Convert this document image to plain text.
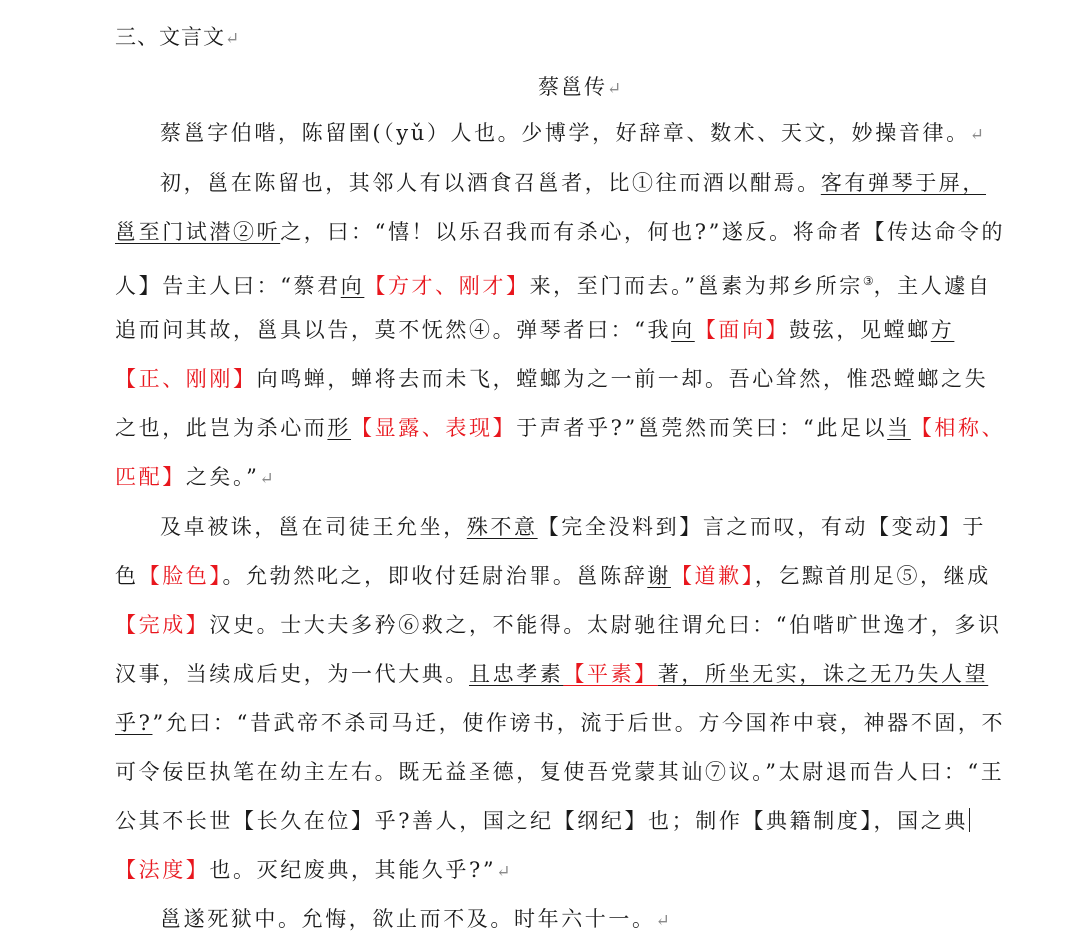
三、文言文↵
蔡邕传↵
蔡邕字伯喈，陈留圉(（yǔ）人也。少博学，好辞章、数术、天文，妙操音律。↵
初，邕在陈留也，其邻人有以酒食召邕者，比①往而酒以酣焉。客有弹琴于屏，
邕至门试潜②听之，曰：“憘！以乐召我而有杀心，何也?”遂反。将命者【传达命令的
人】告主人曰：“蔡君向【方才、刚才】来，至门而去。”邕素为邦乡所宗③，主人遽自
追而问其故，邕具以告，莫不怃然④。弹琴者曰：“我向【面向】鼓弦，见螳螂方
【正、刚刚】向鸣蝉，蝉将去而未飞，螳螂为之一前一却。吾心耸然，惟恐螳螂之失
之也，此岂为杀心而形【显露、表现】于声者乎?”邕莞然而笑曰：“此足以当【相称、
匹配】之矣。”↵
及卓被诛，邕在司徒王允坐，殊不意【完全没料到】言之而叹，有动【变动】于
色【脸色】。允勃然叱之，即收付廷尉治罪。邕陈辞谢【道歉】，乞黥首刖足⑤，继成
【完成】汉史。士大夫多矜⑥救之，不能得。太尉驰往谓允曰：“伯喈旷世逸才，多识
汉事，当续成后史，为一代大典。且忠孝素【平素】著，所坐无实，诛之无乃失人望
乎?”允曰：“昔武帝不杀司马迁，使作谤书，流于后世。方今国祚中衰，神器不固，不
可令佞臣执笔在幼主左右。既无益圣德，复使吾党蒙其讪⑦议。”太尉退而告人曰：“王
公其不长世【长久在位】乎?善人，国之纪【纲纪】也；制作【典籍制度】，国之典
【法度】也。灭纪废典，其能久乎?”↵
邕遂死狱中。允悔，欲止而不及。时年六十一。↵
